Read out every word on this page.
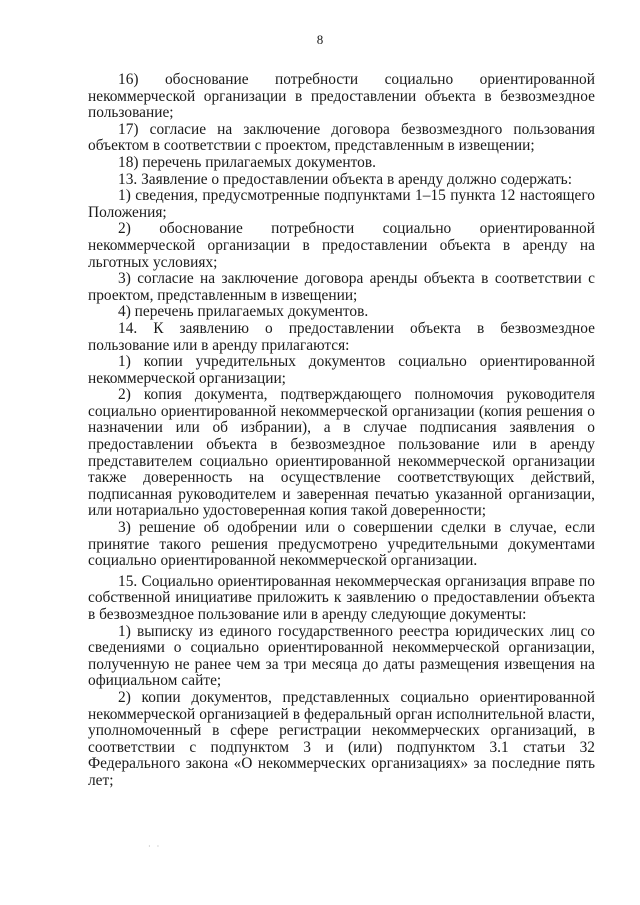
8

16) обоснование потребности социально ориентированной некоммерческой организации в предоставлении объекта в безвозмездное пользование;

17) согласие на заключение договора безвозмездного пользования объектом в соответствии с проектом, представленным в извещении;

18) перечень прилагаемых документов.

13. Заявление о предоставлении объекта в аренду должно содержать:

1) сведения, предусмотренные подпунктами 1–15 пункта 12 настоящего Положения;

2) обоснование потребности социально ориентированной некоммерческой организации в предоставлении объекта в аренду на льготных условиях;

3) согласие на заключение договора аренды объекта в соответствии с проектом, представленным в извещении;

4) перечень прилагаемых документов.

14. К заявлению о предоставлении объекта в безвозмездное пользование или в аренду прилагаются:

1) копии учредительных документов социально ориентированной некоммерческой организации;

2) копия документа, подтверждающего полномочия руководителя социально ориентированной некоммерческой организации (копия решения о назначении или об избрании), а в случае подписания заявления о предоставлении объекта в безвозмездное пользование или в аренду представителем социально ориентированной некоммерческой организации также доверенность на осуществление соответствующих действий, подписанная руководителем и заверенная печатью указанной организации, или нотариально удостоверенная копия такой доверенности;

3) решение об одобрении или о совершении сделки в случае, если принятие такого решения предусмотрено учредительными документами социально ориентированной некоммерческой организации.

15. Социально ориентированная некоммерческая организация вправе по собственной инициативе приложить к заявлению о предоставлении объекта в безвозмездное пользование или в аренду следующие документы:

1) выписку из единого государственного реестра юридических лиц со сведениями о социально ориентированной некоммерческой организации, полученную не ранее чем за три месяца до даты размещения извещения на официальном сайте;

2) копии документов, представленных социально ориентированной некоммерческой организацией в федеральный орган исполнительной власти, уполномоченный в сфере регистрации некоммерческих организаций, в соответствии с подпунктом 3 и (или) подпунктом 3.1 статьи 32 Федерального закона «О некоммерческих организациях» за последние пять лет;

· ·
